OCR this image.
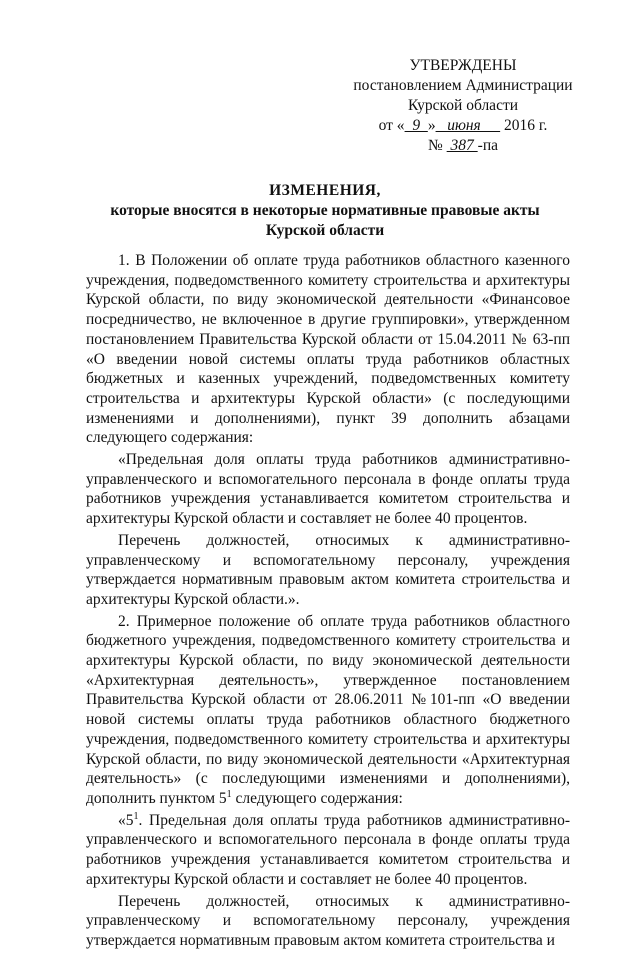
УТВЕРЖДЕНЫ
постановлением Администрации
Курской области
от «  9  »   июня      2016 г.
№  387 -па
ИЗМЕНЕНИЯ,
которые вносятся в некоторые нормативные правовые акты
Курской области

1. В Положении об оплате труда работников областного казенного учреждения, подведомственного комитету строительства и архитектуры Курской области, по виду экономической деятельности «Финансовое посредничество, не включенное в другие группировки», утвержденном постановлением Правительства Курской области от 15.04.2011 № 63-пп «О введении новой системы оплаты труда работников областных бюджетных и казенных учреждений, подведомственных комитету строительства и архитектуры Курской области» (с последующими изменениями и дополнениями), пункт 39 дополнить абзацами следующего содержания:

«Предельная доля оплаты труда работников административно-управленческого и вспомогательного персонала в фонде оплаты труда работников учреждения устанавливается комитетом строительства и архитектуры Курской области и составляет не более 40 процентов.

Перечень должностей, относимых к административно-управленческому и вспомогательному персоналу, учреждения утверждается нормативным правовым актом комитета строительства и архитектуры Курской области.».

2. Примерное положение об оплате труда работников областного бюджетного учреждения, подведомственного комитету строительства и архитектуры Курской области, по виду экономической деятельности «Архитектурная деятельность», утвержденное постановлением Правительства Курской области от 28.06.2011 №101-пп «О введении новой системы оплаты труда работников областного бюджетного учреждения, подведомственного комитету строительства и архитектуры Курской области, по виду экономической деятельности «Архитектурная деятельность» (с последующими изменениями и дополнениями), дополнить пунктом $5^1$ следующего содержания:

«$5^1$. Предельная доля оплаты труда работников административно-управленческого и вспомогательного персонала в фонде оплаты труда работников учреждения устанавливается комитетом строительства и архитектуры Курской области и составляет не более 40 процентов.

Перечень должностей, относимых к административно-управленческому и вспомогательному персоналу, учреждения утверждается нормативным правовым актом комитета строительства и
